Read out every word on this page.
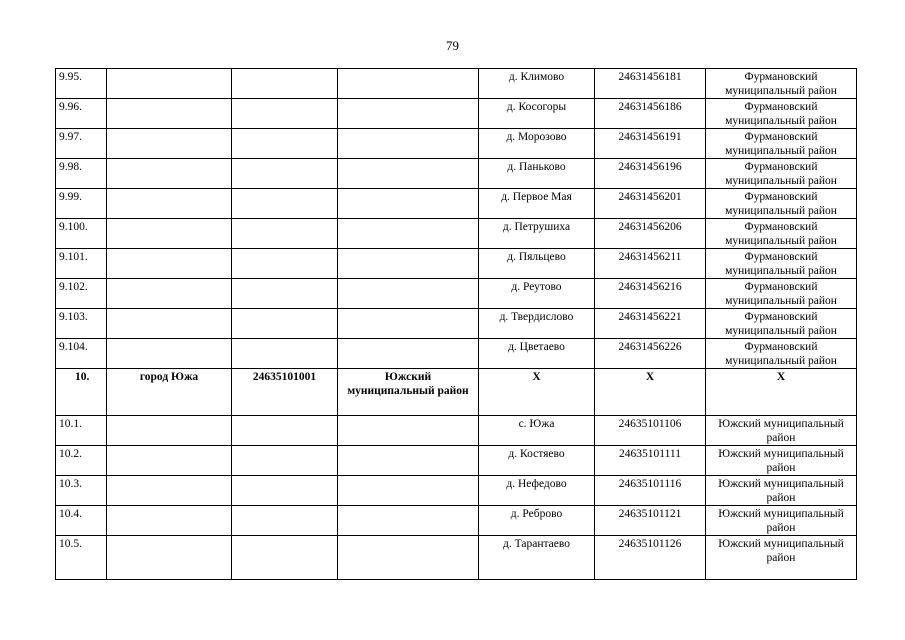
79
9.95.				д. Климово	24631456181	Фурмановский муниципальный район
9.96.				д. Косогоры	24631456186	Фурмановский муниципальный район
9.97.				д. Морозово	24631456191	Фурмановский муниципальный район
9.98.				д. Паньково	24631456196	Фурмановский муниципальный район
9.99.				д. Первое Мая	24631456201	Фурмановский муниципальный район
9.100.				д. Петрушиха	24631456206	Фурмановский муниципальный район
9.101.				д. Пяльцево	24631456211	Фурмановский муниципальный район
9.102.				д. Реутово	24631456216	Фурмановский муниципальный район
9.103.				д. Твердислово	24631456221	Фурмановский муниципальный район
9.104.				д. Цветаево	24631456226	Фурмановский муниципальный район
10.	город Южа	24635101001	Южский муниципальный район	X	X	X
10.1.				с. Южа	24635101106	Южский муниципальный район
10.2.				д. Костяево	24635101111	Южский муниципальный район
10.3.				д. Нефедово	24635101116	Южский муниципальный район
10.4.				д. Реброво	24635101121	Южский муниципальный район
10.5.				д. Тарантаево	24635101126	Южский муниципальный район
